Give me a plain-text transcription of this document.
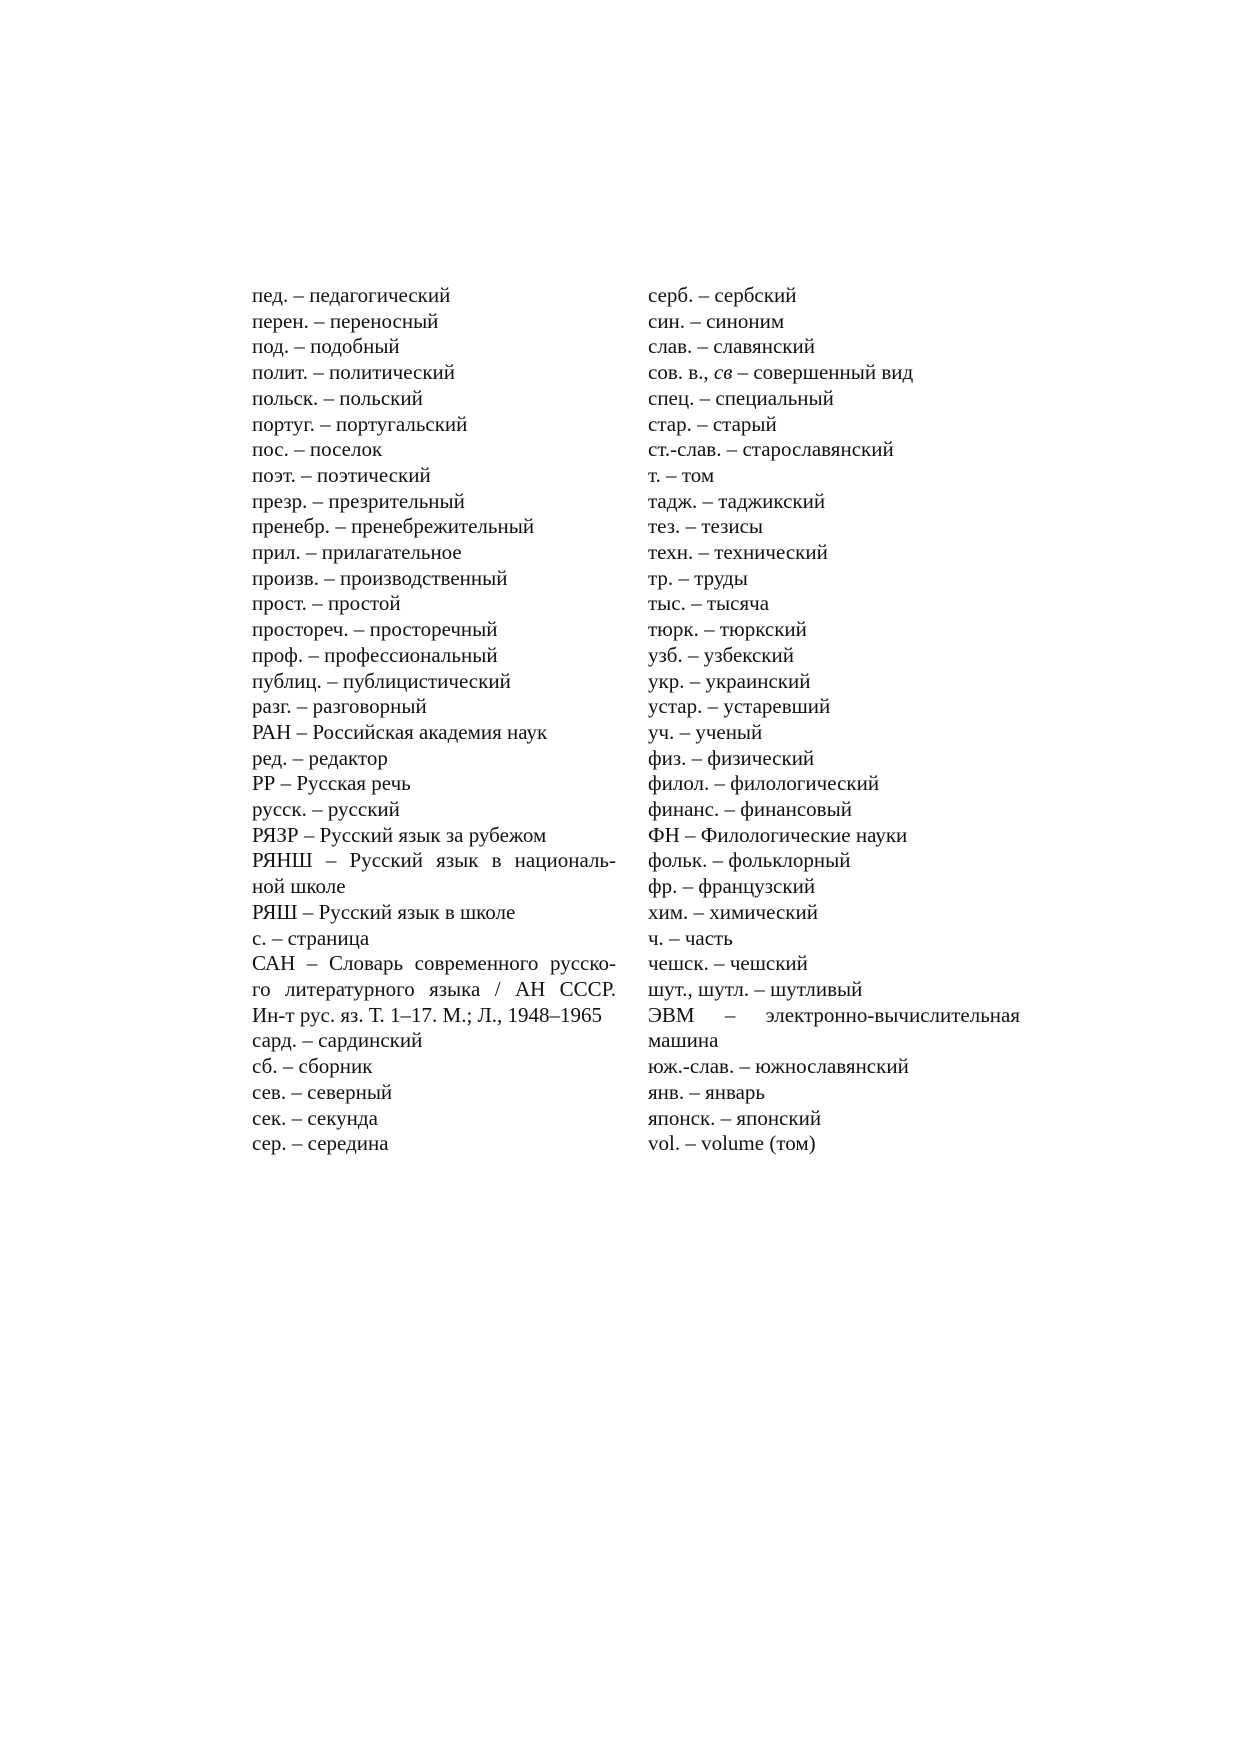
пед. – педагогический
перен. – переносный
под. – подобный
полит. – политический
польск. – польский
португ. – португальский
пос. – поселок
поэт. – поэтический
презр. – презрительный
пренебр. – пренебрежительный
прил. – прилагательное
произв. – производственный
прост. – простой
простореч. – просторечный
проф. – профессиональный
публиц. – публицистический
разг. – разговорный
РАН – Российская академия наук
ред. – редактор
РР – Русская речь
русск. – русский
РЯЗР – Русский язык за рубежом
РЯНШ – Русский язык в националь-
ной школе
РЯШ – Русский язык в школе
с. – страница
САН – Словарь современного русско-
го литературного языка / АН СССР.
Ин-т рус. яз. Т. 1–17. М.; Л., 1948–1965
сард. – сардинский
сб. – сборник
сев. – северный
сек. – секунда
сер. – середина
серб. – сербский
син. – синоним
слав. – славянский
сов. в., св – совершенный вид
спец. – специальный
стар. – старый
ст.-слав. – старославянский
т. – том
тадж. – таджикский
тез. – тезисы
техн. – технический
тр. – труды
тыс. – тысяча
тюрк. – тюркский
узб. – узбекский
укр. – украинский
устар. – устаревший
уч. – ученый
физ. – физический
филол. – филологический
финанс. – финансовый
ФН – Филологические науки
фольк. – фольклорный
фр. – французский
хим. – химический
ч. – часть
чешск. – чешский
шут., шутл. – шутливый
ЭВМ – электронно-вычислительная
машина
юж.-слав. – южнославянский
янв. – январь
японск. – японский
vol. – volume (том)
